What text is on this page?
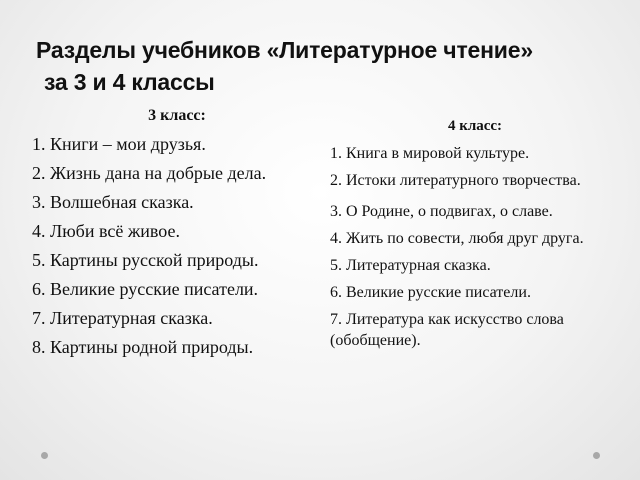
Разделы учебников «Литературное чтение»
за 3 и 4 классы
3 класс:
1. Книги – мои друзья.
2. Жизнь дана на добрые дела.
3. Волшебная сказка.
4. Люби всё живое.
5. Картины русской природы.
6. Великие русские писатели.
7. Литературная сказка.
8. Картины родной природы.
4 класс:
1. Книга в мировой культуре.
2. Истоки литературного творчества.
3. О Родине, о подвигах, о славе.
4. Жить по совести, любя друг друга.
5. Литературная сказка.
6. Великие русские писатели.
7. Литература как искусство слова (обобщение).
